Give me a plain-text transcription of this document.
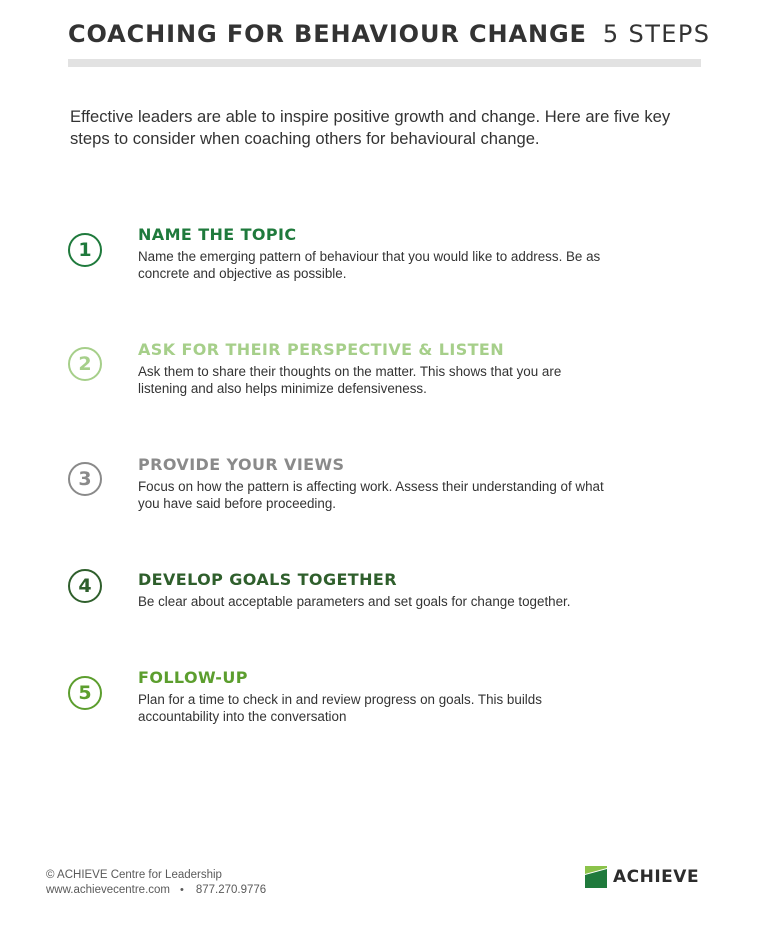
COACHING FOR BEHAVIOUR CHANGE 5 STEPS

Effective leaders are able to inspire positive growth and change. Here are five key steps to consider when coaching others for behavioural change.

1
NAME THE TOPIC

Name the emerging pattern of behaviour that you would like to address. Be as concrete and objective as possible.

2
ASK FOR THEIR PERSPECTIVE & LISTEN

Ask them to share their thoughts on the matter. This shows that you are listening and also helps minimize defensiveness.

3
PROVIDE YOUR VIEWS

Focus on how the pattern is affecting work. Assess their understanding of what you have said before proceeding.

4	DEVELOP GOALS TOGETHER

Be clear about acceptable parameters and set goals for change together.

5
FOLLOW-UP

Plan for a time to check in and review progress on goals. This builds accountability into the conversation

© ACHIEVE Centre for Leadership
www.achievecentre.com • 877.270.9776
ACHIEVE
